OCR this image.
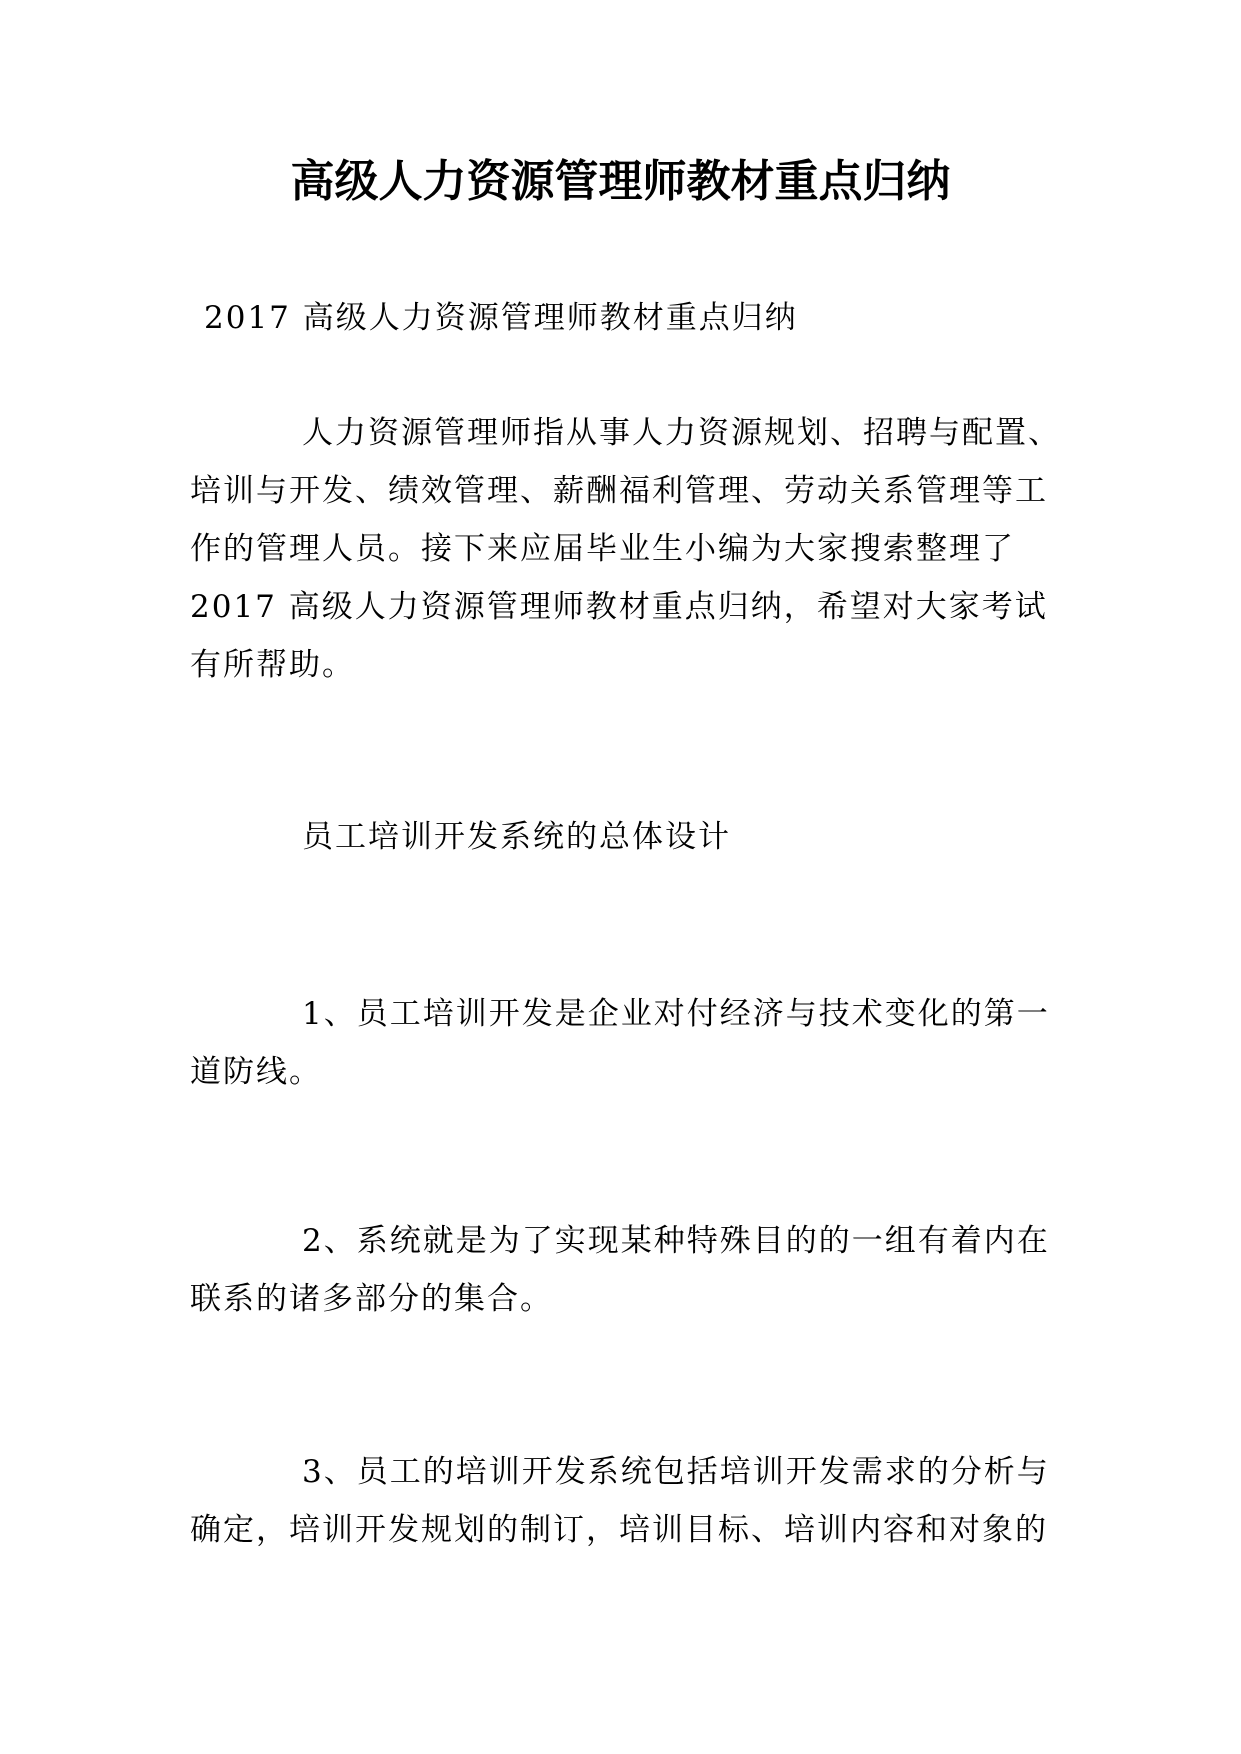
高级人力资源管理师教材重点归纳

2017 高级人力资源管理师教材重点归纳

人力资源管理师指从事人力资源规划、招聘与配置、培训与开发、绩效管理、薪酬福利管理、劳动关系管理等工作的管理人员。接下来应届毕业生小编为大家搜索整理了 2017 高级人力资源管理师教材重点归纳，希望对大家考试有所帮助。

员工培训开发系统的总体设计

1、员工培训开发是企业对付经济与技术变化的第一道防线。

2、系统就是为了实现某种特殊目的的一组有着内在联系的诸多部分的集合。

3、员工的培训开发系统包括培训开发需求的分析与确定，培训开发规划的制订，培训目标、培训内容和对象的
